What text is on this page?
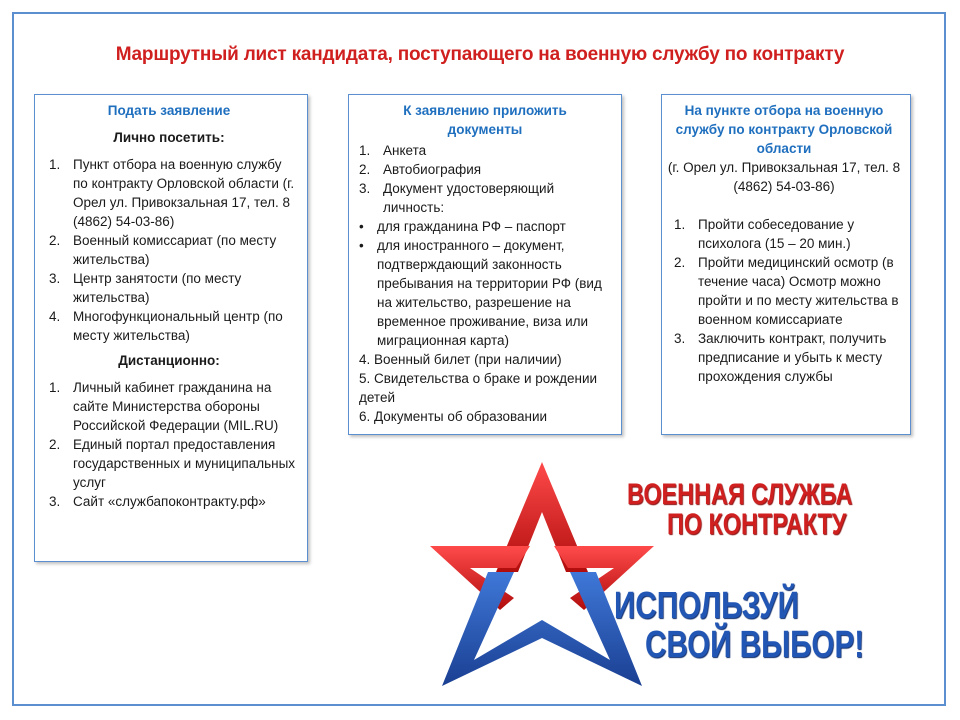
Маршрутный лист кандидата, поступающего на военную службу по контракту
Подать заявление
Лично посетить:
1. Пункт отбора на военную службу по контракту Орловской области (г. Орел ул. Привокзальная 17, тел. 8 (4862) 54-03-86)
2. Военный комиссариат (по месту жительства)
3. Центр занятости (по месту жительства)
4. Многофункциональный центр (по месту жительства)
Дистанционно:
1. Личный кабинет гражданина на сайте Министерства обороны Российской Федерации (MIL.RU)
2. Единый портал предоставления государственных и муниципальных услуг
3. Сайт «службапоконтракту.рф»
К заявлению приложить документы
1. Анкета
2. Автобиография
3. Документ удостоверяющий личность:
• для гражданина РФ – паспорт
• для иностранного – документ, подтверждающий законность пребывания на территории РФ (вид на жительство, разрешение на временное проживание, виза или миграционная карта)
4. Военный билет (при наличии)
5. Свидетельства о браке и рождении детей
6. Документы об образовании
На пункте отбора на военную службу по контракту Орловской области
(г. Орел ул. Привокзальная 17, тел. 8 (4862) 54-03-86)
1. Пройти собеседование у психолога (15 – 20 мин.)
2. Пройти медицинский осмотр (в течение часа) Осмотр можно пройти и по месту жительства в военном комиссариате
3. Заключить контракт, получить предписание и убыть к месту прохождения службы
ВОЕННАЯ СЛУЖБА
ПО КОНТРАКТУ
ИСПОЛЬЗУЙ
СВОЙ ВЫБОР!
